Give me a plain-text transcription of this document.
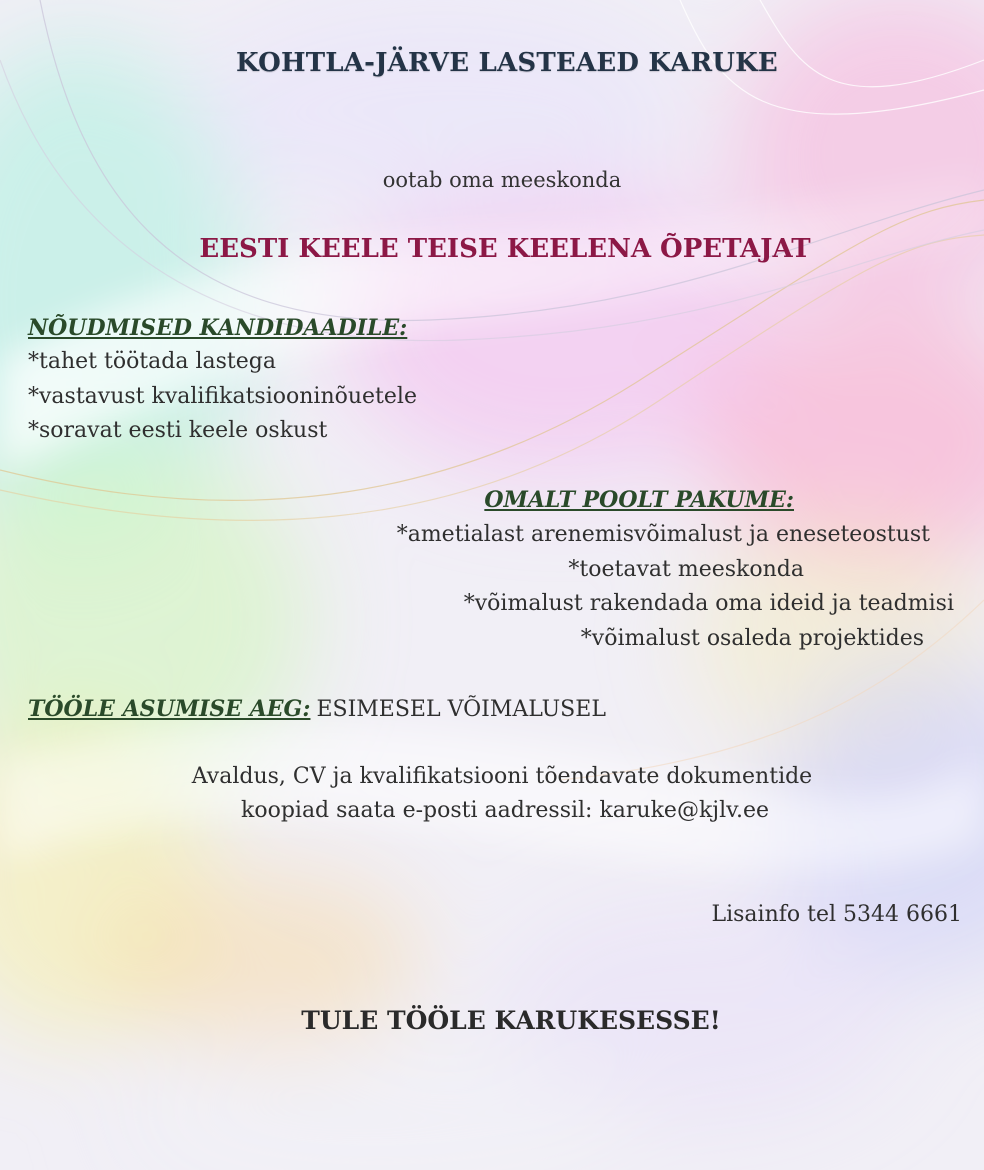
KOHTLA-JÄRVE LASTEAED KARUKE
ootab oma meeskonda
EESTI KEELE TEISE KEELENA ÕPETAJAT
NÕUDMISED KANDIDAADILE:
*tahet töötada lastega
*vastavust kvalifikatsiooninõuetele
*soravat eesti keele oskust
OMALT POOLT PAKUME:
*ametialast arenemisvõimalust ja eneseteostust
*toetavat meeskonda
*võimalust rakendada oma ideid ja teadmisi
*võimalust osaleda projektides
TÖÖLE ASUMISE AEG: ESIMESEL VÕIMALUSEL
Avaldus, CV ja kvalifikatsiooni tõendavate dokumentide
koopiad saata e-posti aadressil: karuke@kjlv.ee
Lisainfo tel 5344 6661
TULE TÖÖLE KARUKESESSE!
